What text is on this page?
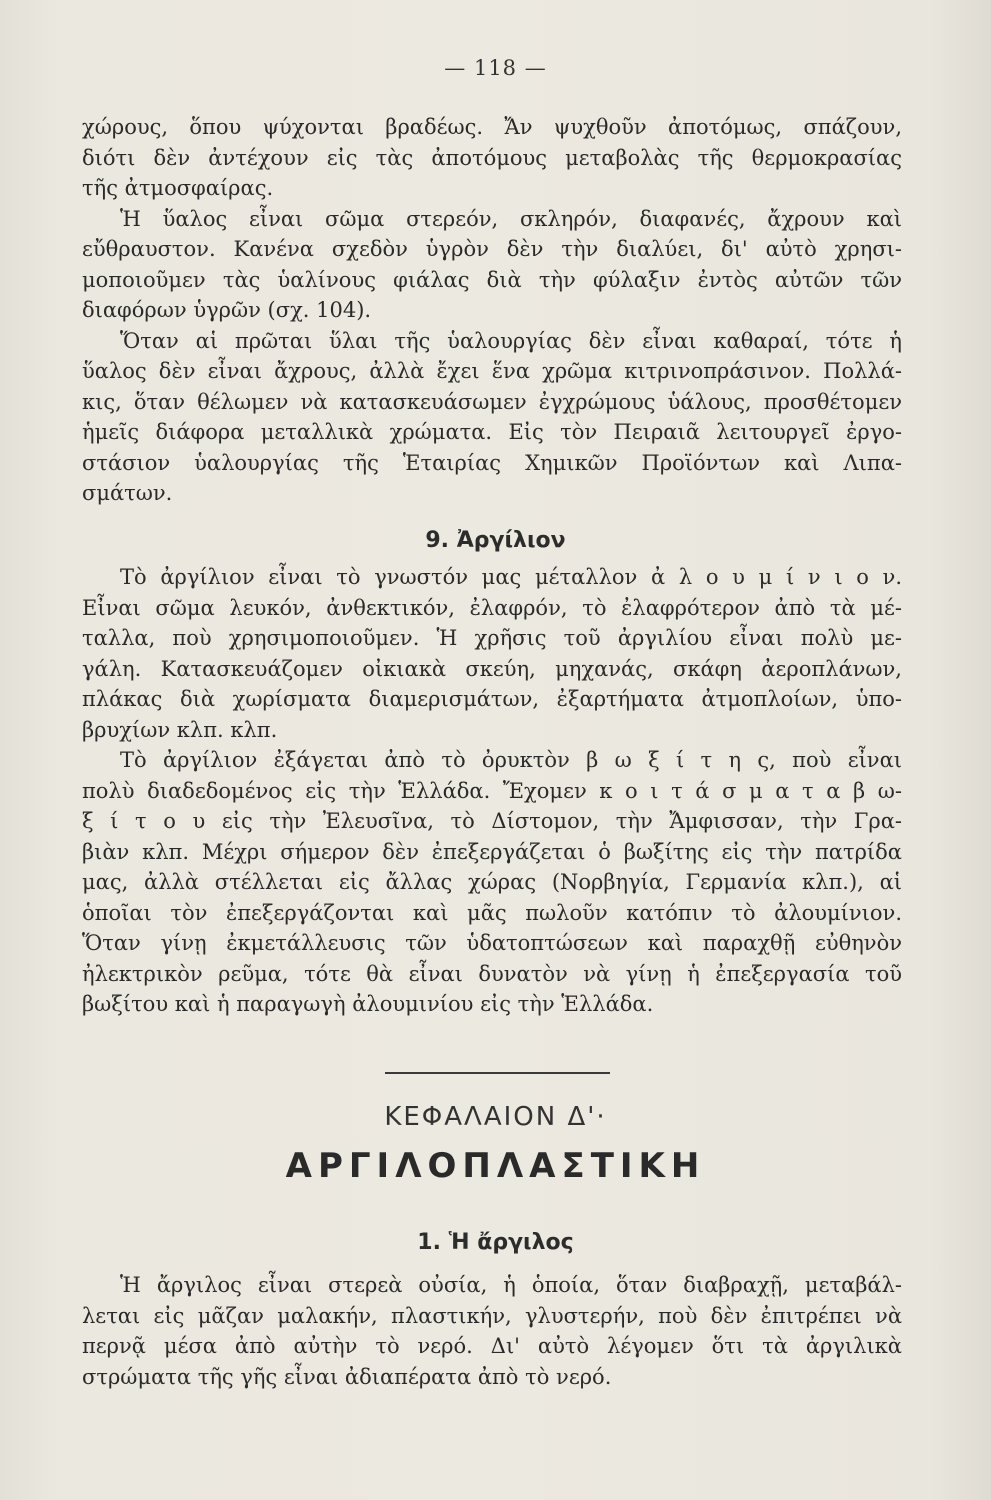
— 118 —
χώρους, ὅπου ψύχονται βραδέως. Ἄν ψυχθοῦν ἀποτόμως, σπάζουν,
διότι δὲν ἀντέχουν εἰς τὰς ἀποτόμους μεταβολὰς τῆς θερμοκρασίας
τῆς ἀτμοσφαίρας.
Ἡ ὕαλος εἶναι σῶμα στερεόν, σκληρόν, διαφανές, ἄχρουν καὶ
εὔθραυστον. Κανένα σχεδὸν ὑγρὸν δὲν τὴν διαλύει, δι' αὐτὸ χρησι-
μοποιοῦμεν τὰς ὑαλίνους φιάλας διὰ τὴν φύλαξιν ἐντὸς αὐτῶν τῶν
διαφόρων ὑγρῶν (σχ. 104).
Ὅταν αἱ πρῶται ὕλαι τῆς ὑαλουργίας δὲν εἶναι καθαραί, τότε ἡ
ὕαλος δὲν εἶναι ἄχρους, ἀλλὰ ἔχει ἕνα χρῶμα κιτρινοπράσινον. Πολλά-
κις, ὅταν θέλωμεν νὰ κατασκευάσωμεν ἐγχρώμους ὑάλους, προσθέτομεν
ἡμεῖς διάφορα μεταλλικὰ χρώματα. Εἰς τὸν Πειραιᾶ λειτουργεῖ ἐργο-
στάσιον ὑαλουργίας τῆς Ἑταιρίας Χημικῶν Προϊόντων καὶ Λιπα-
σμάτων.
9. Ἀργίλιον
Τὸ ἀργίλιον εἶναι τὸ γνωστόν μας μέταλλον ἀ λ ο υ μ ί ν ι ο ν.
Εἶναι σῶμα λευκόν, ἀνθεκτικόν, ἐλαφρόν, τὸ ἐλαφρότερον ἀπὸ τὰ μέ-
ταλλα, ποὺ χρησιμοποιοῦμεν. Ἡ χρῆσις τοῦ ἀργιλίου εἶναι πολὺ με-
γάλη. Κατασκευάζομεν οἰκιακὰ σκεύη, μηχανάς, σκάφη ἀεροπλάνων,
πλάκας διὰ χωρίσματα διαμερισμάτων, ἐξαρτήματα ἀτμοπλοίων, ὑπο-
βρυχίων κλπ. κλπ.
Τὸ ἀργίλιον ἐξάγεται ἀπὸ τὸ ὀρυκτὸν β ω ξ ί τ η ς, ποὺ εἶναι
πολὺ διαδεδομένος εἰς τὴν Ἑλλάδα. Ἔχομεν κ ο ι τ ά σ μ α τ α β ω-
ξ ί τ ο υ εἰς τὴν Ἐλευσῖνα, τὸ Δίστομον, τὴν Ἄμφισσαν, τὴν Γρα-
βιὰν κλπ. Μέχρι σήμερον δὲν ἐπεξεργάζεται ὁ βωξίτης εἰς τὴν πατρίδα
μας, ἀλλὰ στέλλεται εἰς ἄλλας χώρας (Νορβηγία, Γερμανία κλπ.), αἱ
ὁποῖαι τὸν ἐπεξεργάζονται καὶ μᾶς πωλοῦν κατόπιν τὸ ἀλουμίνιον.
Ὅταν γίνῃ ἐκμετάλλευσις τῶν ὑδατοπτώσεων καὶ παραχθῇ εὐθηνὸν
ἠλεκτρικὸν ρεῦμα, τότε θὰ εἶναι δυνατὸν νὰ γίνῃ ἡ ἐπεξεργασία τοῦ
βωξίτου καὶ ἡ παραγωγὴ ἀλουμινίου εἰς τὴν Ἑλλάδα.
ΚΕΦΑΛΑΙΟΝ Δ'·
ΑΡΓΙΛΟΠΛΑΣΤΙΚΗ
1. Ἡ ἄργιλος
Ἡ ἄργιλος εἶναι στερεὰ οὐσία, ἡ ὁποία, ὅταν διαβραχῇ, μεταβάλ-
λεται εἰς μᾶζαν μαλακήν, πλαστικήν, γλυστερήν, ποὺ δὲν ἐπιτρέπει νὰ
περνᾷ μέσα ἀπὸ αὐτὴν τὸ νερό. Δι' αὐτὸ λέγομεν ὅτι τὰ ἀργιλικὰ
στρώματα τῆς γῆς εἶναι ἀδιαπέρατα ἀπὸ τὸ νερό.
